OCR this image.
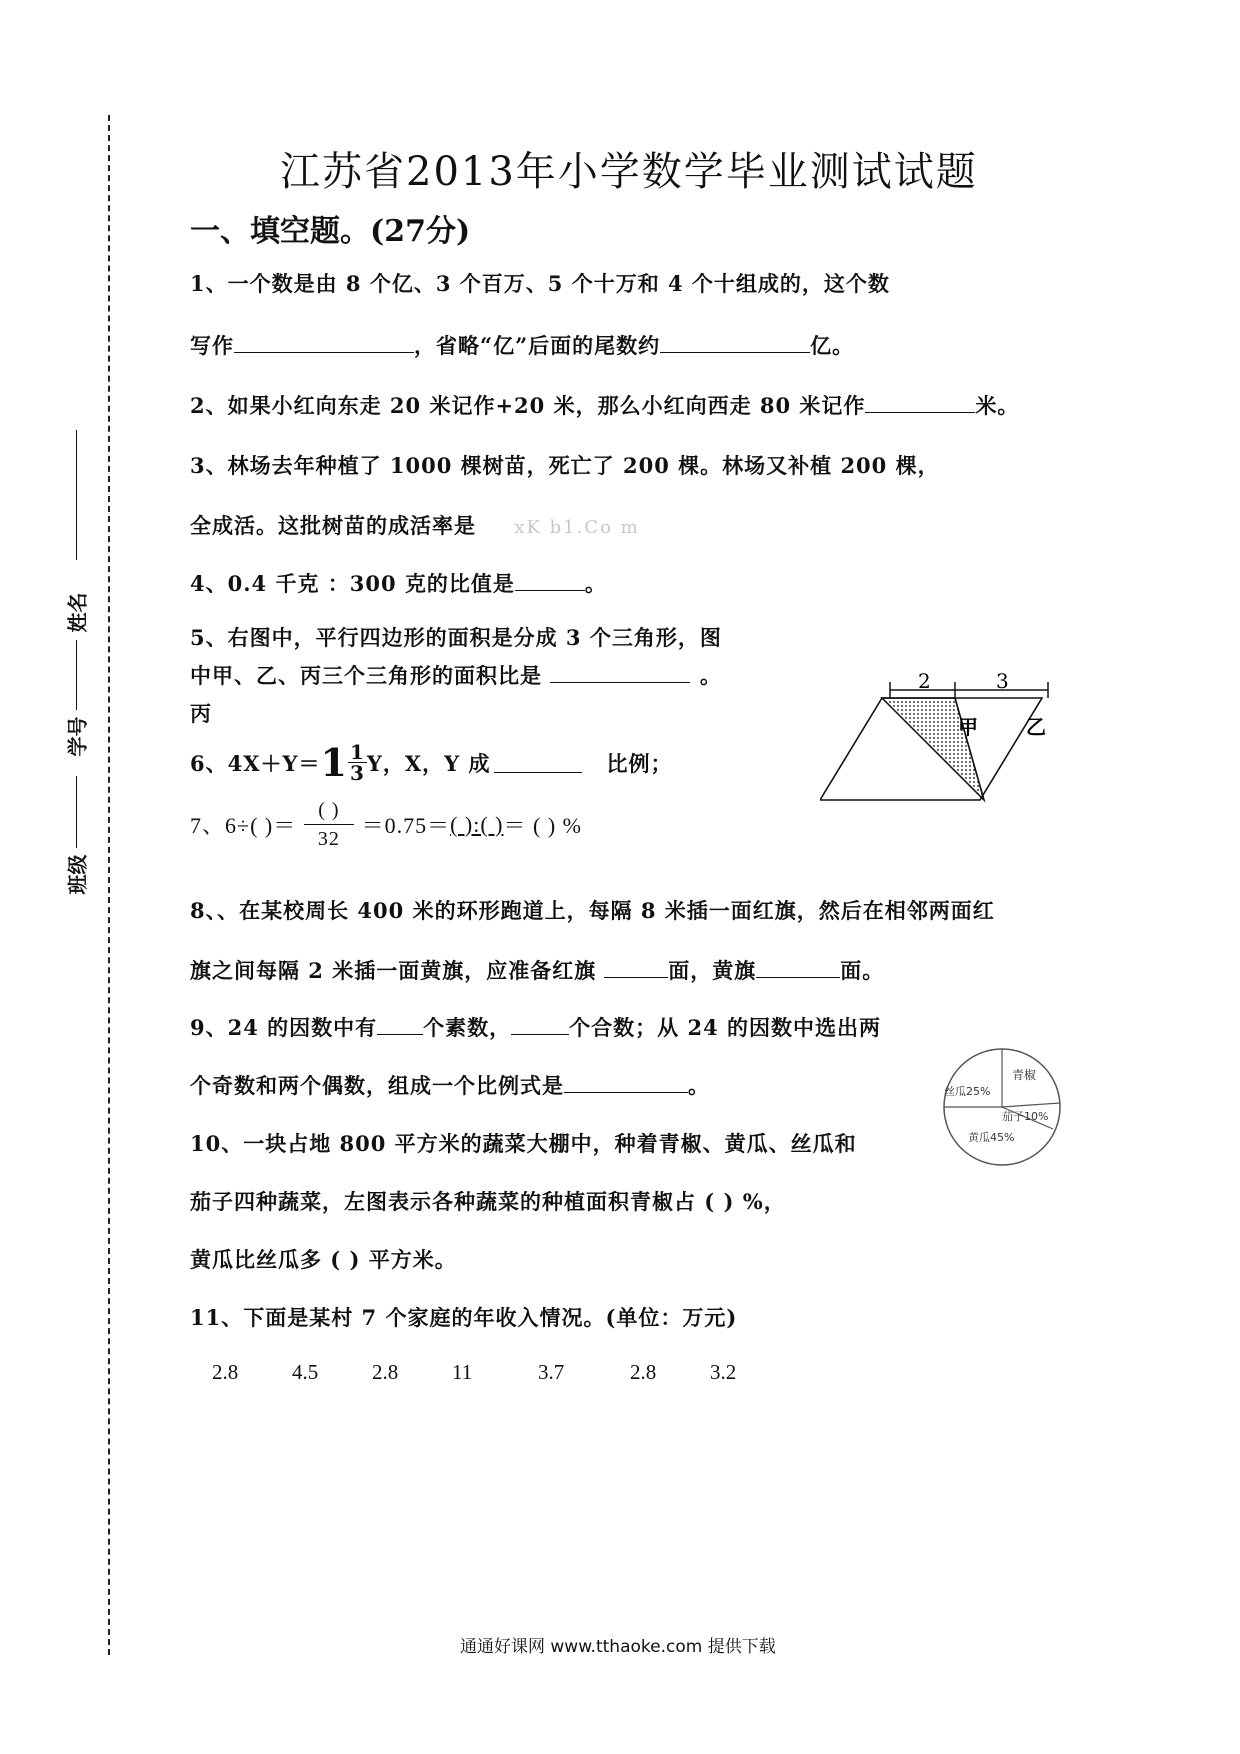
姓名
学号
班级
江苏省2013年小学数学毕业测试试题
一、填空题。(27分)
1、一个数是由 8 个亿、3 个百万、5 个十万和 4 个十组成的，这个数
写作	，省略“亿”后面的尾数约	亿。
2、如果小红向东走 20 米记作+20 米，那么小红向西走 80 米记作	米。
3、林场去年种植了 1000 棵树苗，死亡了 200 棵。林场又补植 200 棵，
全成活。这批树苗的成活率是 xK b1.Co m
4、0.4 千克 ：300 克的比值是	。
5、右图中，平行四边形的面积是分成 3 个三角形，图
中甲、乙、丙三个三角形的面积比是	。
丙
2	3
甲 乙
6、$4X+Y= 1 \frac{1}{3}$ Y，X，Y 成	比例；
7、6÷( )＝ $\frac{( )}{32} =0.75=$ ( ):( ) ＝ ( ) %
8、、在某校周长 400 米的环形跑道上，每隔 8 米插一面红旗，然后在相邻两面红
旗之间每隔 2 米插一面黄旗，应准备红旗	面，黄旗	面。
9、24 的因数中有 个素数，	个合数；从 24 的因数中选出两
个奇数和两个偶数，组成一个比例式是	。	青椒
丝瓜25%
茄子10%
黄瓜45%
10、一块占地 800 平方米的蔬菜大棚中，种着青椒、黄瓜、丝瓜和
茄子四种蔬菜，左图表示各种蔬菜的种植面积青椒占 ( ) %，
黄瓜比丝瓜多 ( ) 平方米。
11、下面是某村 7 个家庭的年收入情况。(单位：万元)
2.8	4.5	2.8	11	3.7	2.8	3.2
通通好课网 www.tthaoke.com 提供下载
